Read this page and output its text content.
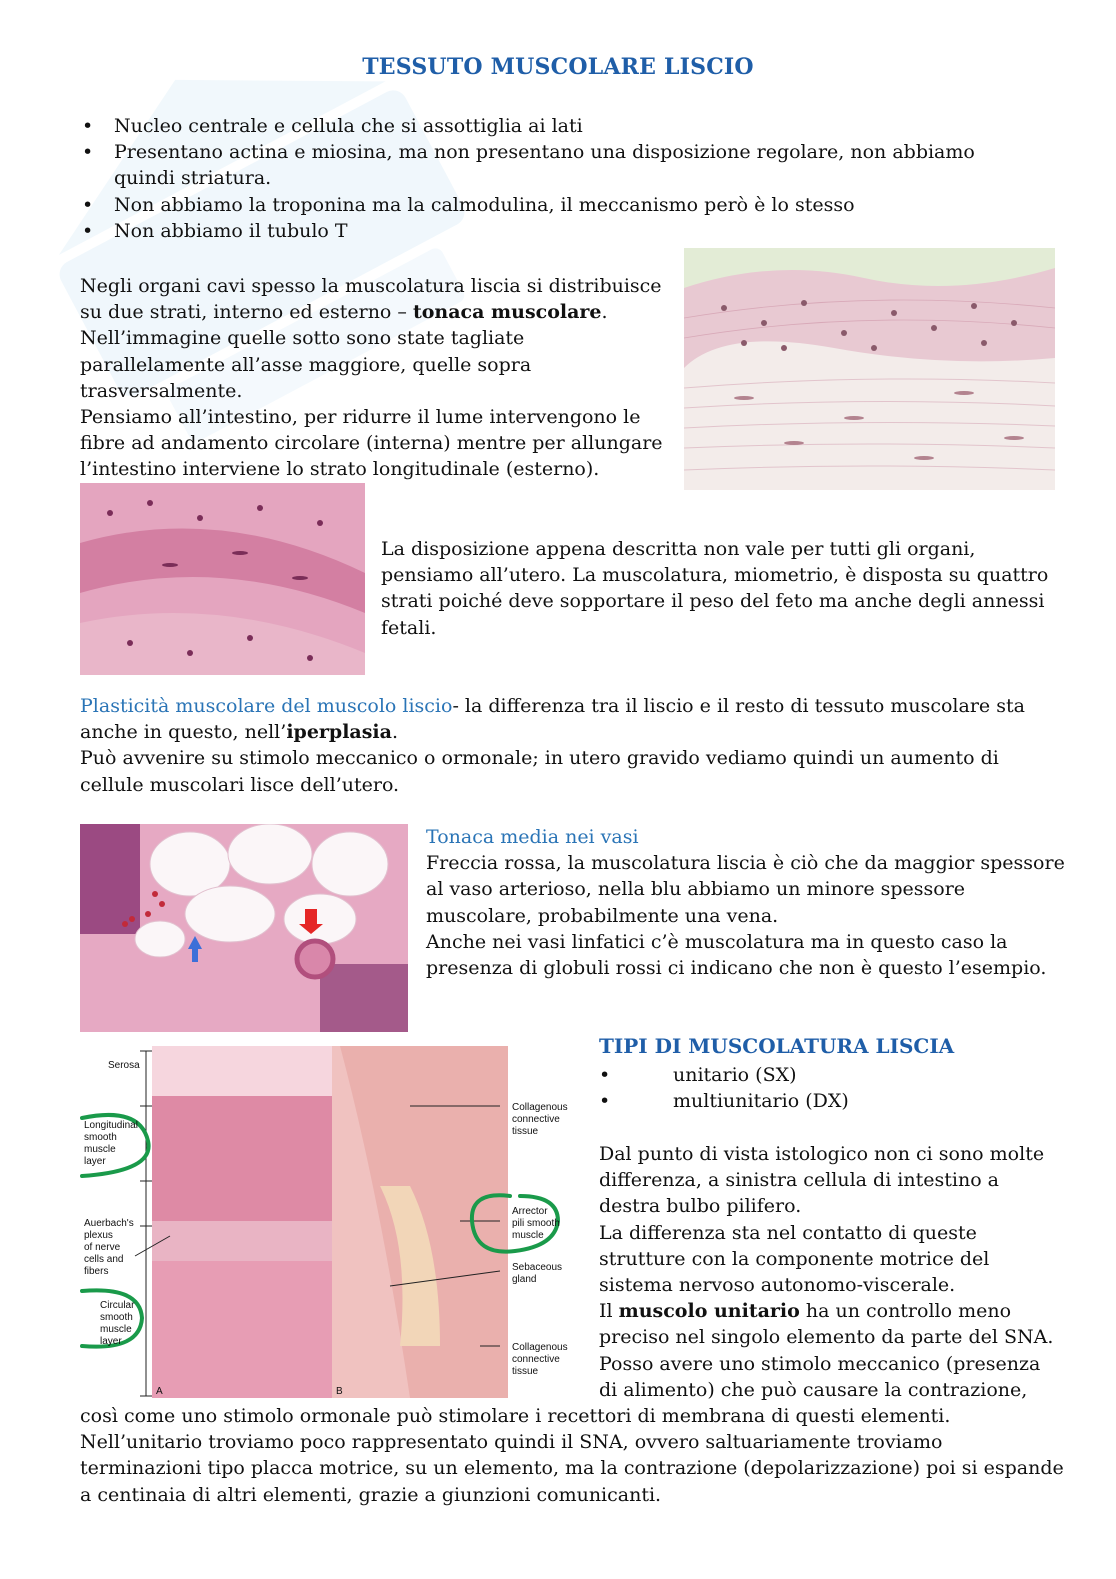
TESSUTO MUSCOLARE LISCIO
• Nucleo centrale e cellula che si assottiglia ai lati
• Presentano actina e miosina, ma non presentano una disposizione regolare, non abbiamo quindi striatura.
• Non abbiamo la troponina ma la calmodulina, il meccanismo però è lo stesso
• Non abbiamo il tubulo T
Negli organi cavi spesso la muscolatura liscia si distribuisce su due strati, interno ed esterno – tonaca muscolare.
Nell’immagine quelle sotto sono state tagliate parallelamente all’asse maggiore, quelle sopra trasversalmente.
Pensiamo all’intestino, per ridurre il lume intervengono le fibre ad andamento circolare (interna) mentre per allungare l’intestino interviene lo strato longitudinale (esterno).
La disposizione appena descritta non vale per tutti gli organi, pensiamo all’utero. La muscolatura, miometrio, è disposta su quattro strati poiché deve sopportare il peso del feto ma anche degli annessi fetali.
Plasticità muscolare del muscolo liscio- la differenza tra il liscio e il resto di tessuto muscolare sta anche in questo, nell’iperplasia.
Può avvenire su stimolo meccanico o ormonale; in utero gravido vediamo quindi un aumento di cellule muscolari lisce dell’utero.
Tonaca media nei vasi
Freccia rossa, la muscolatura liscia è ciò che da maggior spessore al vaso arterioso, nella blu abbiamo un minore spessore muscolare, probabilmente una vena.
Anche nei vasi linfatici c’è muscolatura ma in questo caso la presenza di globuli rossi ci indicano che non è questo l’esempio.
Serosa
Longitudinal
smooth
muscle
layer
Auerbach's
plexus
of nerve
cells and
fibers
Circular
smooth
muscle
layer
Collagenous
connective
tissue
Arrector
pili smooth
muscle
Sebaceous
gland
Collagenous
connective
tissue
A	B
TIPI DI MUSCOLATURA LISCIA
•	unitario (SX)
•	multiunitario (DX)
Dal punto di vista istologico non ci sono molte differenza, a sinistra cellula di intestino a destra bulbo pilifero.
La differenza sta nel contatto di queste strutture con la componente motrice del sistema nervoso autonomo-viscerale.
Il muscolo unitario ha un controllo meno preciso nel singolo elemento da parte del SNA.
Posso avere uno stimolo meccanico (presenza di alimento) che può causare la contrazione,
così come uno stimolo ormonale può stimolare i recettori di membrana di questi elementi.
Nell’unitario troviamo poco rappresentato quindi il SNA, ovvero saltuariamente troviamo
terminazioni tipo placca motrice, su un elemento, ma la contrazione (depolarizzazione) poi si espande
a centinaia di altri elementi, grazie a giunzioni comunicanti.
